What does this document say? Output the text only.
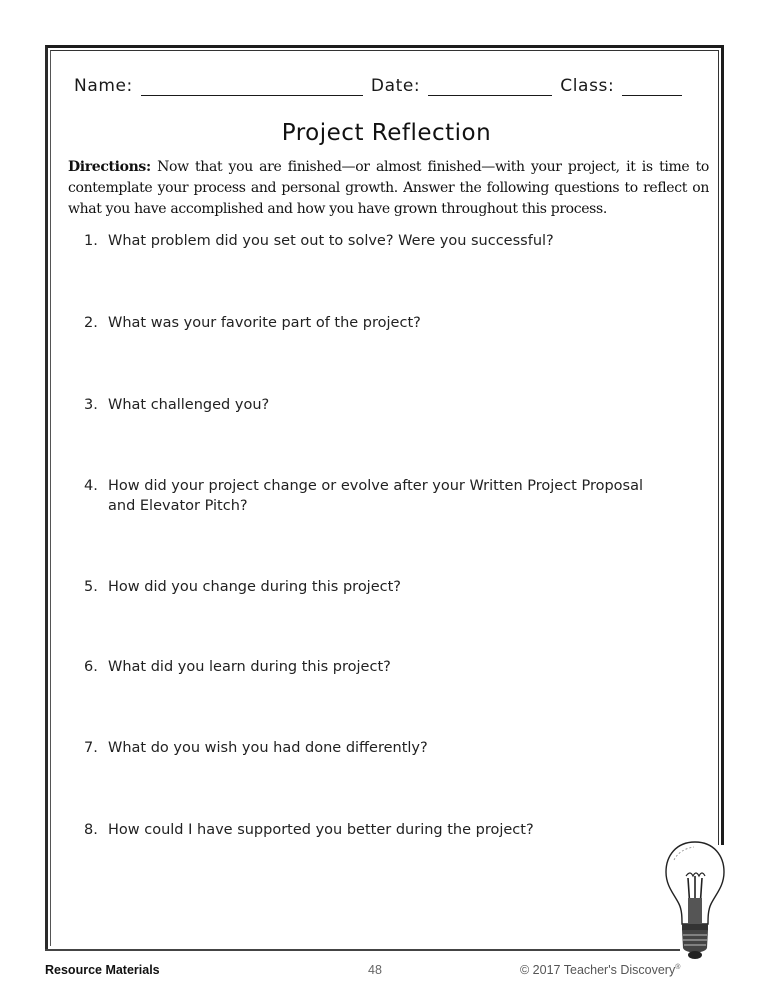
Name:	Date:	Class:
Project Reflection
Directions: Now that you are finished—or almost finished—with your project, it is time to contemplate your process and personal growth. Answer the following questions to reflect on what you have accomplished and how you have grown throughout this process.
1. What problem did you set out to solve? Were you successful?
2. What was your favorite part of the project?
3. What challenged you?
4. How did your project change or evolve after your Written Project Proposal and Elevator Pitch?
5. How did you change during this project?
6. What did you learn during this project?
7. What do you wish you had done differently?
8. How could I have supported you better during the project?
Resource Materials	48	© 2017 Teacher's Discovery®
